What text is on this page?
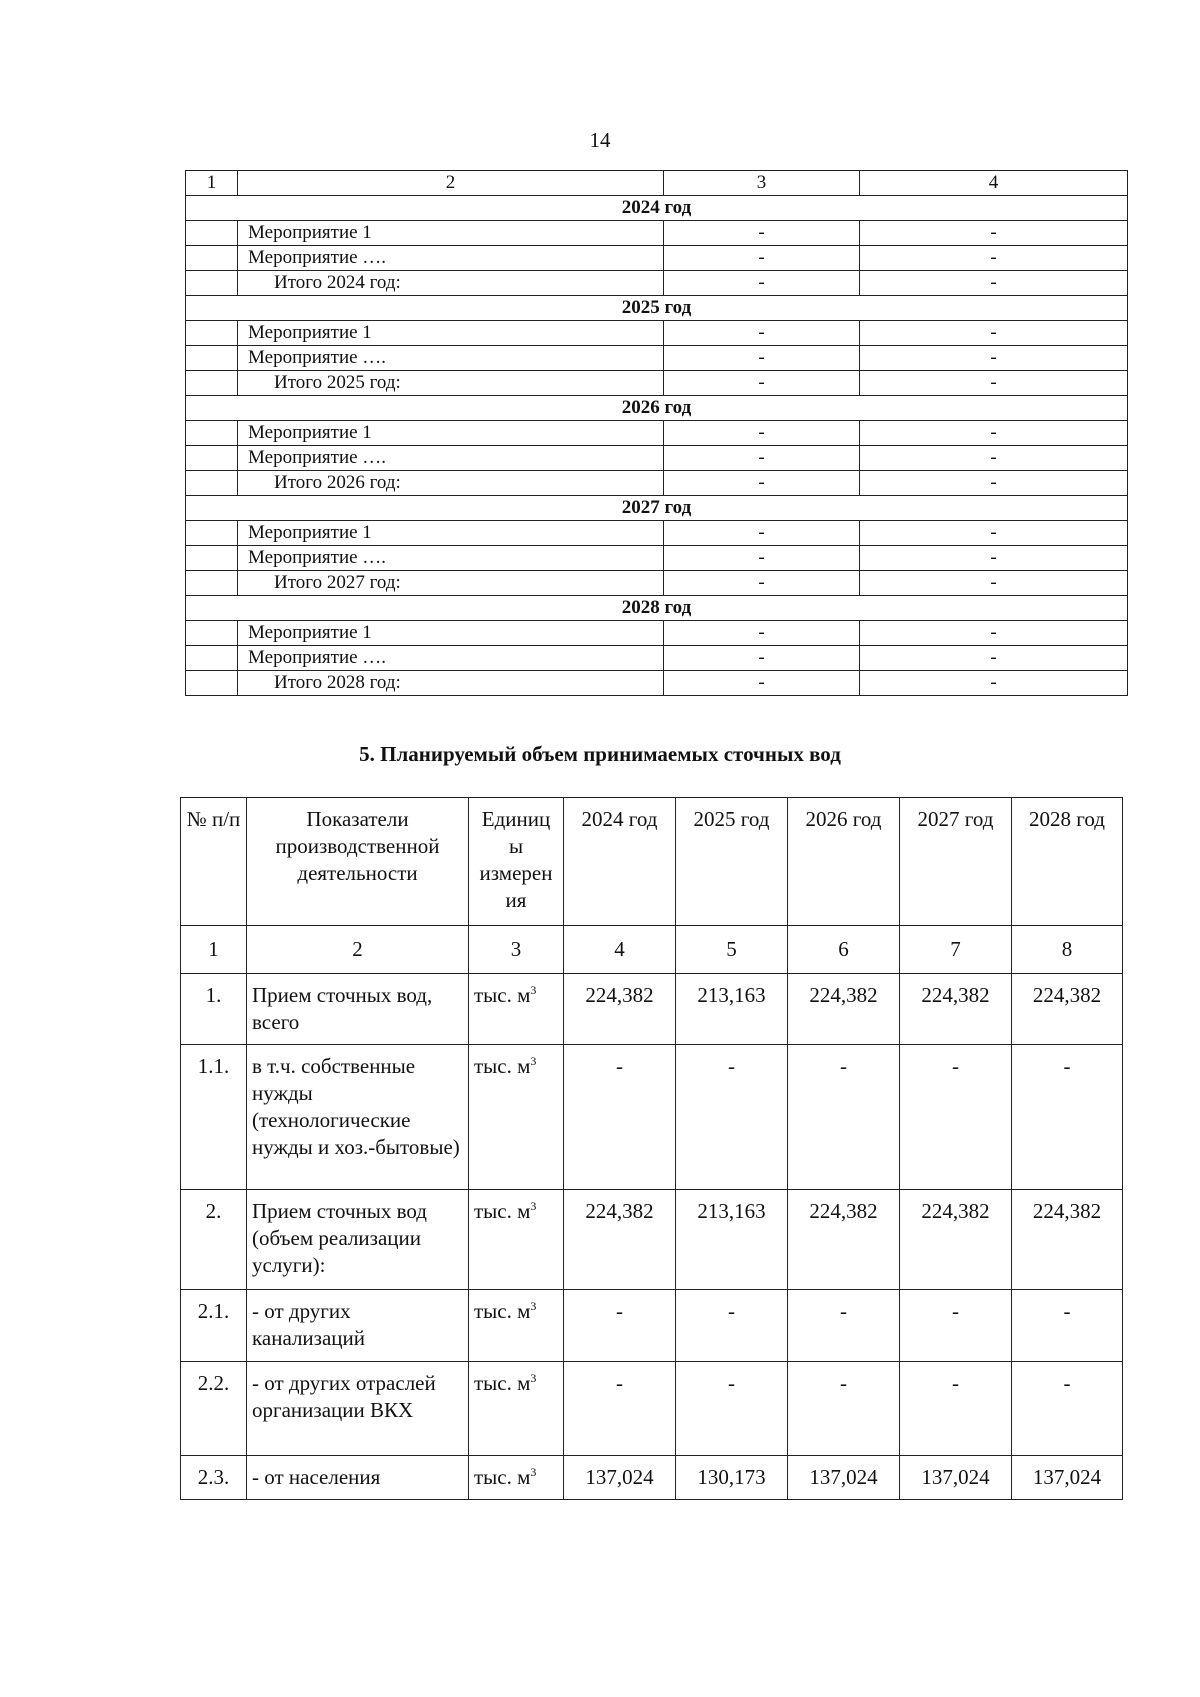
14
1	2	3	4
2024 год			
	Мероприятие 1	-	-
	Мероприятие ….	-	-
	Итого 2024 год:	-	-
2025 год			
	Мероприятие 1	-	-
	Мероприятие ….	-	-
	Итого 2025 год:	-	-
2026 год			
	Мероприятие 1	-	-
	Мероприятие ….	-	-
	Итого 2026 год:	-	-
2027 год			
	Мероприятие 1	-	-
	Мероприятие ….	-	-
	Итого 2027 год:	-	-
2028 год			
	Мероприятие 1	-	-
	Мероприятие ….	-	-
	Итого 2028 год:	-	-
5. Планируемый объем принимаемых сточных вод
№ п/п	Показатели производственной деятельности	Единиц ы измерен ия	2024 год	2025 год	2026 год	2027 год	2028 год
1	2	3	4	5	6	7	8
1.	Прием сточных вод, всего	тыс. $м^3$	224,382	213,163	224,382	224,382	224,382
1.1.	в т.ч. собственные нужды (технологические нужды и хоз.-бытовые)	тыс. $м^3$	-	-	-	-	-
2.	Прием сточных вод (объем реализации услуги):	тыс. $м^3$	224,382	213,163	224,382	224,382	224,382
2.1.	- от других канализаций	тыс. $м^3$	-	-	-	-	-
2.2.	- от других отраслей организации ВКХ	тыс. $м^3$	-	-	-	-	-
2.3.	- от населения	тыс. $м^3$	137,024	130,173	137,024	137,024	137,024
